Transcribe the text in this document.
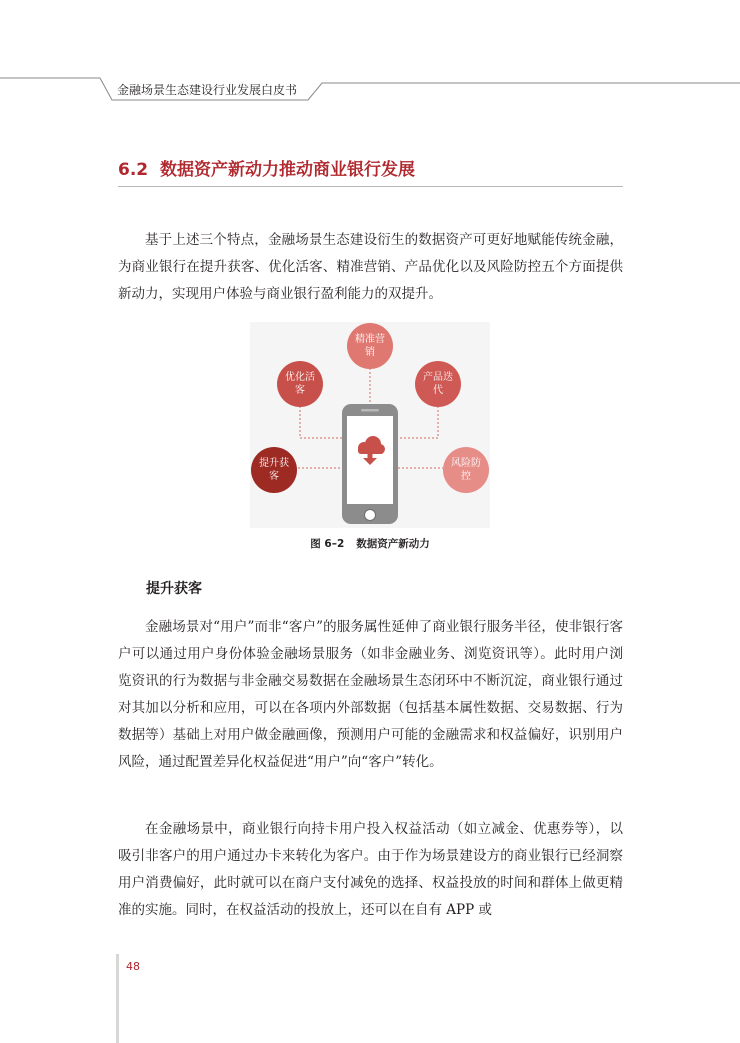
金融场景生态建设行业发展白皮书
6.2 数据资产新动力推动商业银行发展

基于上述三个特点，金融场景生态建设衍生的数据资产可更好地赋能传统金融，为商业银行在提升获客、优化活客、精准营销、产品优化以及风险防控五个方面提供新动力，实现用户体验与商业银行盈利能力的双提升。

精准营销
优化活客
产品迭代
提升获客
风险防控
图 6–2 数据资产新动力
提升获客

金融场景对“用户”而非“客户”的服务属性延伸了商业银行服务半径，使非银行客户可以通过用户身份体验金融场景服务（如非金融业务、浏览资讯等）。此时用户浏览资讯的行为数据与非金融交易数据在金融场景生态闭环中不断沉淀，商业银行通过对其加以分析和应用，可以在各项内外部数据（包括基本属性数据、交易数据、行为数据等）基础上对用户做金融画像，预测用户可能的金融需求和权益偏好，识别用户风险，通过配置差异化权益促进“用户”向“客户”转化。

在金融场景中，商业银行向持卡用户投入权益活动（如立减金、优惠券等），以吸引非客户的用户通过办卡来转化为客户。由于作为场景建设方的商业银行已经洞察用户消费偏好，此时就可以在商户支付减免的选择、权益投放的时间和群体上做更精准的实施。同时，在权益活动的投放上，还可以在自有 APP 或

48
